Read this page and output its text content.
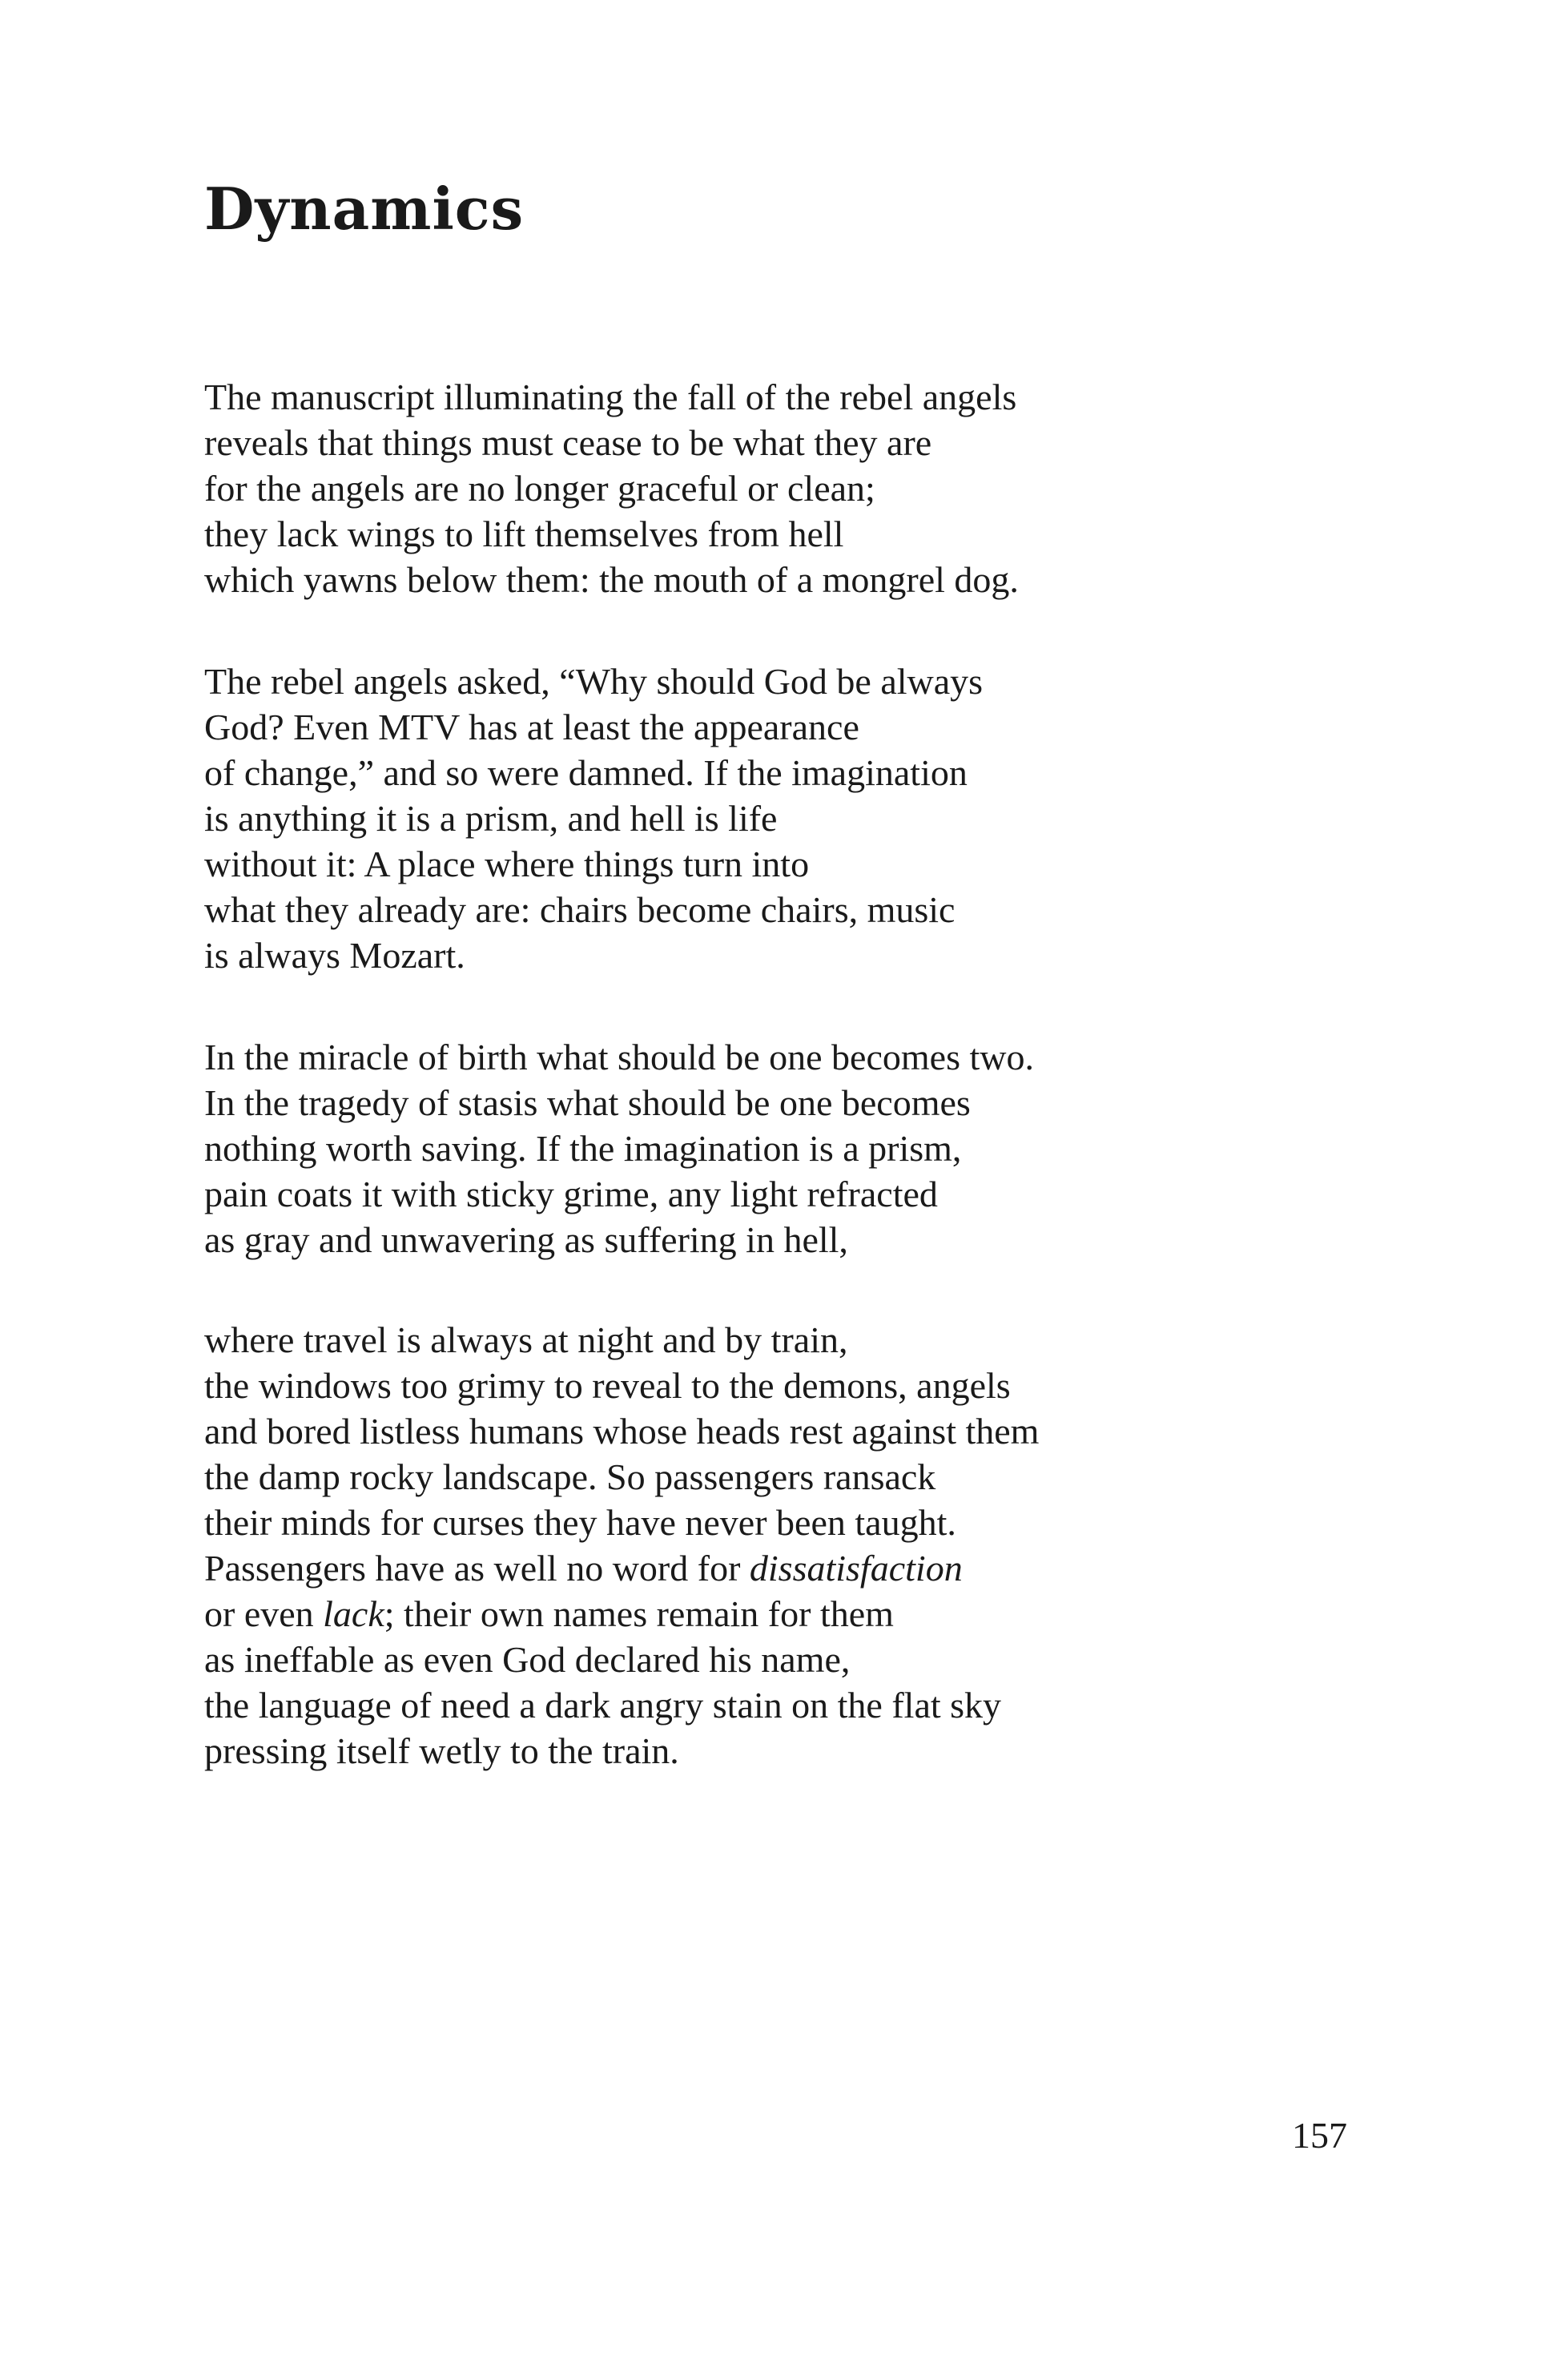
Dynamics
The manuscript illuminating the fall of the rebel angels
reveals that things must cease to be what they are
for the angels are no longer graceful or clean;
they lack wings to lift themselves from hell
which yawns below them: the mouth of a mongrel dog.
The rebel angels asked, “Why should God be always
God? Even MTV has at least the appearance
of change,” and so were damned. If the imagination
is anything it is a prism, and hell is life
without it: A place where things turn into
what they already are: chairs become chairs, music
is always Mozart.
In the miracle of birth what should be one becomes two.
In the tragedy of stasis what should be one becomes
nothing worth saving. If the imagination is a prism,
pain coats it with sticky grime, any light refracted
as gray and unwavering as suffering in hell,
where travel is always at night and by train,
the windows too grimy to reveal to the demons, angels
and bored listless humans whose heads rest against them
the damp rocky landscape. So passengers ransack
their minds for curses they have never been taught.
Passengers have as well no word for dissatisfaction
or even lack; their own names remain for them
as ineffable as even God declared his name,
the language of need a dark angry stain on the flat sky
pressing itself wetly to the train.
157
